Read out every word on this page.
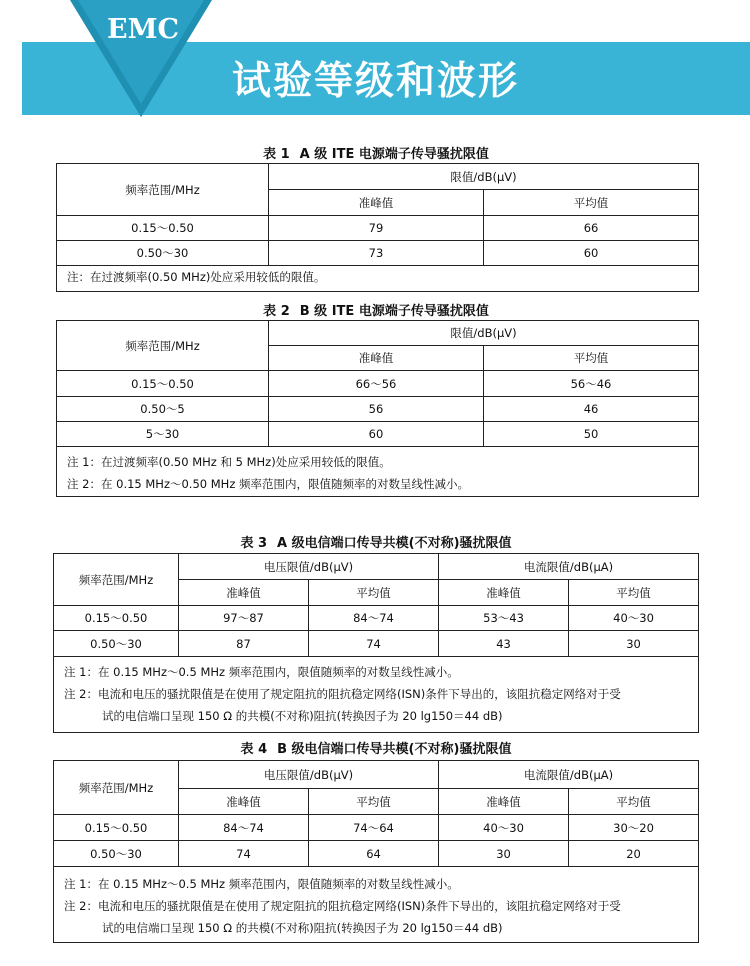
EMC
试验等级和波形
表 1 A 级 ITE 电源端子传导骚扰限值
频率范围/MHz	限值/dB(μV)	
	准峰值	平均值
0.15～0.50	79	66
0.50～30	73	60

注：在过渡频率(0.50 MHz)处应采用较低的限值。		
表 2 B 级 ITE 电源端子传导骚扰限值
频率范围/MHz	限值/dB(μV)	
	准峰值	平均值
0.15～0.50	66～56	56～46
0.50～5	56	46
5～30	60	50

注 1：在过渡频率(0.50 MHz 和 5 MHz)处应采用较低的限值。
注 2：在 0.15 MHz～0.50 MHz 频率范围内，限值随频率的对数呈线性减小。		
表 3 A 级电信端口传导共模(不对称)骚扰限值
频率范围/MHz	电压限值/dB(μV)		电流限值/dB(μA)	
	准峰值	平均值	准峰值	平均值
0.15～0.50	97～87	84～74	53～43	40～30
0.50～30	87	74	43	30

注 1：在 0.15 MHz～0.5 MHz 频率范围内，限值随频率的对数呈线性减小。
注 2：电流和电压的骚扰限值是在使用了规定阻抗的阻抗稳定网络(ISN)条件下导出的，该阻抗稳定网络对于受
试的电信端口呈现 150 Ω 的共模(不对称)阻抗(转换因子为 20 lg150＝44 dB)				
表 4 B 级电信端口传导共模(不对称)骚扰限值
频率范围/MHz	电压限值/dB(μV)		电流限值/dB(μA)	
	准峰值	平均值	准峰值	平均值
0.15～0.50	84～74	74～64	40～30	30～20
0.50～30	74	64	30	20

注 1：在 0.15 MHz～0.5 MHz 频率范围内，限值随频率的对数呈线性减小。
注 2：电流和电压的骚扰限值是在使用了规定阻抗的阻抗稳定网络(ISN)条件下导出的，该阻抗稳定网络对于受
试的电信端口呈现 150 Ω 的共模(不对称)阻抗(转换因子为 20 lg150＝44 dB)				
